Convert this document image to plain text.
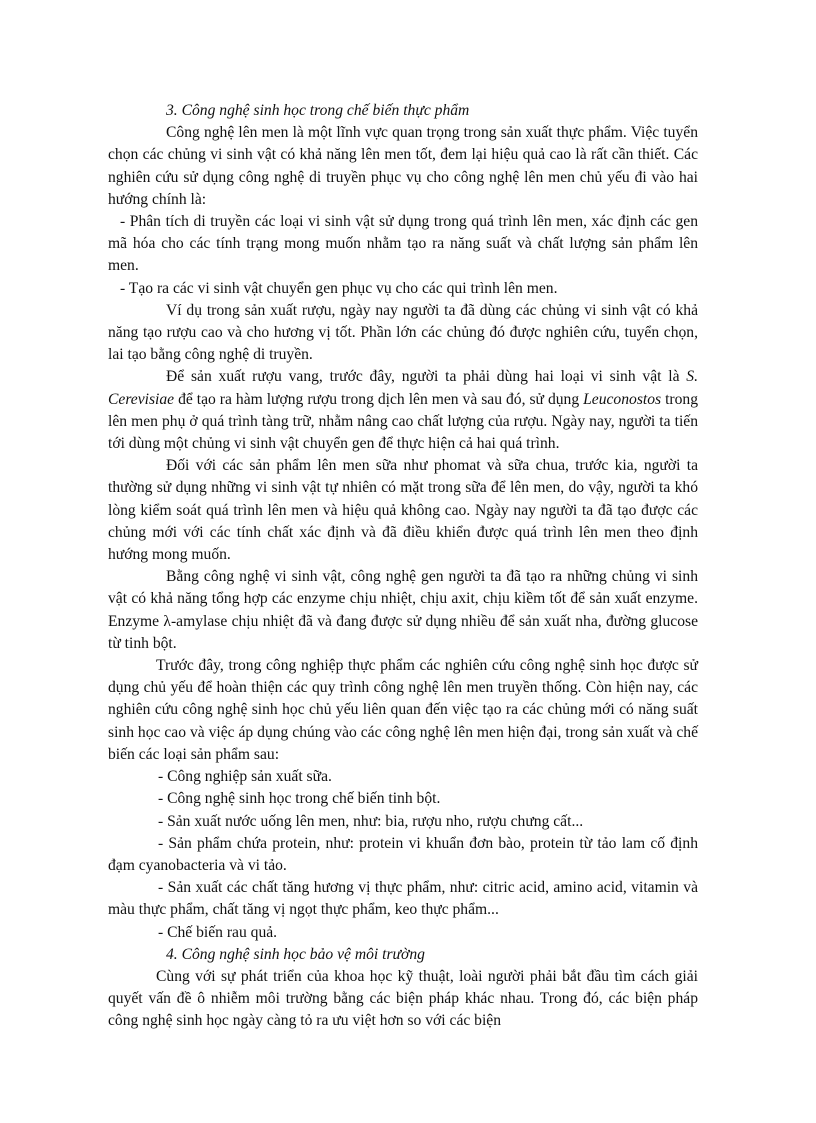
3. Công nghệ sinh học trong chế biến thực phẩm

Công nghệ lên men là một lĩnh vực quan trọng trong sản xuất thực phẩm. Việc tuyển chọn các chủng vi sinh vật có khả năng lên men tốt, đem lại hiệu quả cao là rất cần thiết. Các nghiên cứu sử dụng công nghệ di truyền phục vụ cho công nghệ lên men chủ yếu đi vào hai hướng chính là:

- Phân tích di truyền các loại vi sinh vật sử dụng trong quá trình lên men, xác định các gen mã hóa cho các tính trạng mong muốn nhằm tạo ra năng suất và chất lượng sản phẩm lên men.

- Tạo ra các vi sinh vật chuyển gen phục vụ cho các qui trình lên men.

Ví dụ trong sản xuất rượu, ngày nay người ta đã dùng các chủng vi sinh vật có khả năng tạo rượu cao và cho hương vị tốt. Phần lớn các chủng đó được nghiên cứu, tuyển chọn, lai tạo bằng công nghệ di truyền.

Để sản xuất rượu vang, trước đây, người ta phải dùng hai loại vi sinh vật là S. Cerevisiae để tạo ra hàm lượng rượu trong dịch lên men và sau đó, sử dụng Leuconostos trong lên men phụ ở quá trình tàng trữ, nhằm nâng cao chất lượng của rượu. Ngày nay, người ta tiến tới dùng một chủng vi sinh vật chuyển gen để thực hiện cả hai quá trình.

Đối với các sản phẩm lên men sữa như phomat và sữa chua, trước kia, người ta thường sử dụng những vi sinh vật tự nhiên có mặt trong sữa để lên men, do vậy, người ta khó lòng kiểm soát quá trình lên men và hiệu quả không cao. Ngày nay người ta đã tạo được các chủng mới với các tính chất xác định và đã điều khiển được quá trình lên men theo định hướng mong muốn.

Bằng công nghệ vi sinh vật, công nghệ gen người ta đã tạo ra những chủng vi sinh vật có khả năng tổng hợp các enzyme chịu nhiệt, chịu axit, chịu kiềm tốt để sản xuất enzyme. Enzyme λ-amylase chịu nhiệt đã và đang được sử dụng nhiều để sản xuất nha, đường glucose từ tinh bột.

Trước đây, trong công nghiệp thực phẩm các nghiên cứu công nghệ sinh học được sử dụng chủ yếu để hoàn thiện các quy trình công nghệ lên men truyền thống. Còn hiện nay, các nghiên cứu công nghệ sinh học chủ yếu liên quan đến việc tạo ra các chủng mới có năng suất sinh học cao và việc áp dụng chúng vào các công nghệ lên men hiện đại, trong sản xuất và chế biến các loại sản phẩm sau:

- Công nghiệp sản xuất sữa.

- Công nghệ sinh học trong chế biến tinh bột.

- Sản xuất nước uống lên men, như: bia, rượu nho, rượu chưng cất...

- Sản phẩm chứa protein, như: protein vi khuẩn đơn bào, protein từ tảo lam cố định đạm cyanobacteria và vi tảo.

- Sản xuất các chất tăng hương vị thực phẩm, như: citric acid, amino acid, vitamin và màu thực phẩm, chất tăng vị ngọt thực phẩm, keo thực phẩm...

- Chế biến rau quả.

4. Công nghệ sinh học bảo vệ môi trường

Cùng với sự phát triển của khoa học kỹ thuật, loài người phải bắt đầu tìm cách giải quyết vấn đề ô nhiễm môi trường bằng các biện pháp khác nhau. Trong đó, các biện pháp công nghệ sinh học ngày càng tỏ ra ưu việt hơn so với các biện
